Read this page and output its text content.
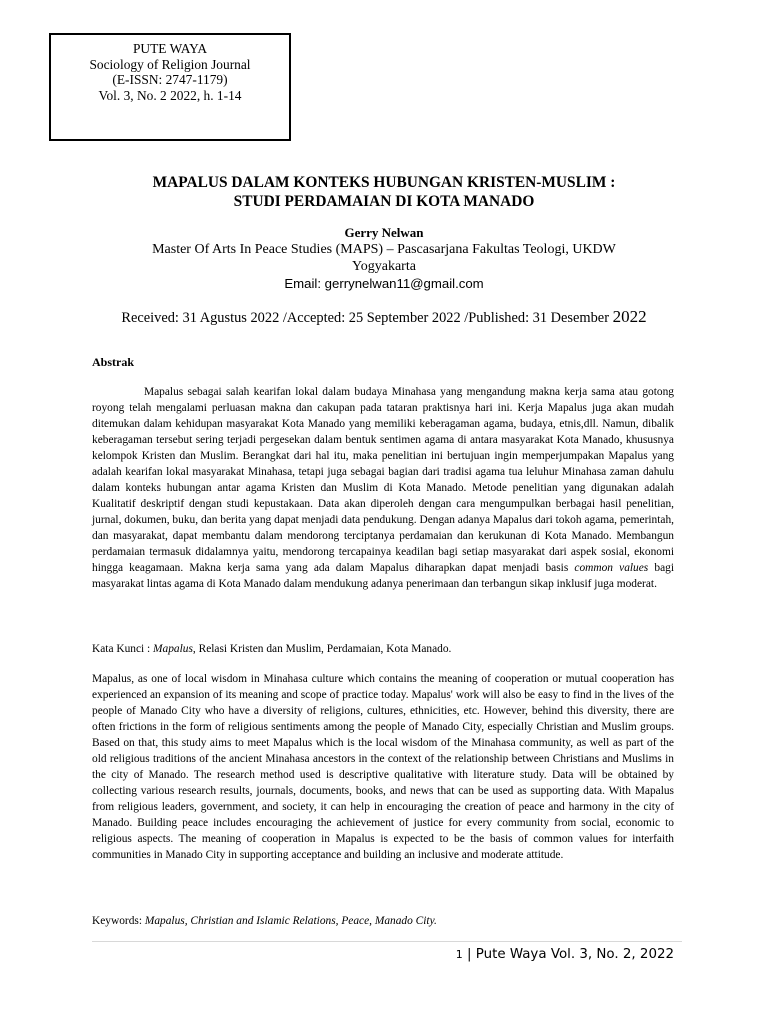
PUTE WAYA
Sociology of Religion Journal
(E-ISSN: 2747-1179)
Vol. 3, No. 2 2022, h. 1-14
MAPALUS DALAM KONTEKS HUBUNGAN KRISTEN-MUSLIM :
STUDI PERDAMAIAN DI KOTA MANADO
Gerry Nelwan
Master Of Arts In Peace Studies (MAPS) – Pascasarjana Fakultas Teologi, UKDW
Yogyakarta
Email: gerrynelwan11@gmail.com
Received: 31 Agustus 2022 /Accepted: 25 September 2022 /Published: 31 Desember 2022
Abstrak

Mapalus sebagai salah kearifan lokal dalam budaya Minahasa yang mengandung makna kerja sama atau gotong royong telah mengalami perluasan makna dan cakupan pada tataran praktisnya hari ini. Kerja Mapalus juga akan mudah ditemukan dalam kehidupan masyarakat Kota Manado yang memiliki keberagaman agama, budaya, etnis,dll. Namun, dibalik keberagaman tersebut sering terjadi pergesekan dalam bentuk sentimen agama di antara masyarakat Kota Manado, khususnya kelompok Kristen dan Muslim. Berangkat dari hal itu, maka penelitian ini bertujuan ingin memperjumpakan Mapalus yang adalah kearifan lokal masyarakat Minahasa, tetapi juga sebagai bagian dari tradisi agama tua leluhur Minahasa zaman dahulu dalam konteks hubungan antar agama Kristen dan Muslim di Kota Manado. Metode penelitian yang digunakan adalah Kualitatif deskriptif dengan studi kepustakaan. Data akan diperoleh dengan cara mengumpulkan berbagai hasil penelitian, jurnal, dokumen, buku, dan berita yang dapat menjadi data pendukung. Dengan adanya Mapalus dari tokoh agama, pemerintah, dan masyarakat, dapat membantu dalam mendorong terciptanya perdamaian dan kerukunan di Kota Manado. Membangun perdamaian termasuk didalamnya yaitu, mendorong tercapainya keadilan bagi setiap masyarakat dari aspek sosial, ekonomi hingga keagamaan. Makna kerja sama yang ada dalam Mapalus diharapkan dapat menjadi basis common values bagi masyarakat lintas agama di Kota Manado dalam mendukung adanya penerimaan dan terbangun sikap inklusif juga moderat.

Kata Kunci : Mapalus, Relasi Kristen dan Muslim, Perdamaian, Kota Manado.

Mapalus, as one of local wisdom in Minahasa culture which contains the meaning of cooperation or mutual cooperation has experienced an expansion of its meaning and scope of practice today. Mapalus' work will also be easy to find in the lives of the people of Manado City who have a diversity of religions, cultures, ethnicities, etc. However, behind this diversity, there are often frictions in the form of religious sentiments among the people of Manado City, especially Christian and Muslim groups. Based on that, this study aims to meet Mapalus which is the local wisdom of the Minahasa community, as well as part of the old religious traditions of the ancient Minahasa ancestors in the context of the relationship between Christians and Muslims in the city of Manado. The research method used is descriptive qualitative with literature study. Data will be obtained by collecting various research results, journals, documents, books, and news that can be used as supporting data. With Mapalus from religious leaders, government, and society, it can help in encouraging the creation of peace and harmony in the city of Manado. Building peace includes encouraging the achievement of justice for every community from social, economic to religious aspects. The meaning of cooperation in Mapalus is expected to be the basis of common values for interfaith communities in Manado City in supporting acceptance and building an inclusive and moderate attitude.

Keywords: Mapalus, Christian and Islamic Relations, Peace, Manado City.

1 | Pute Waya Vol. 3, No. 2, 2022
